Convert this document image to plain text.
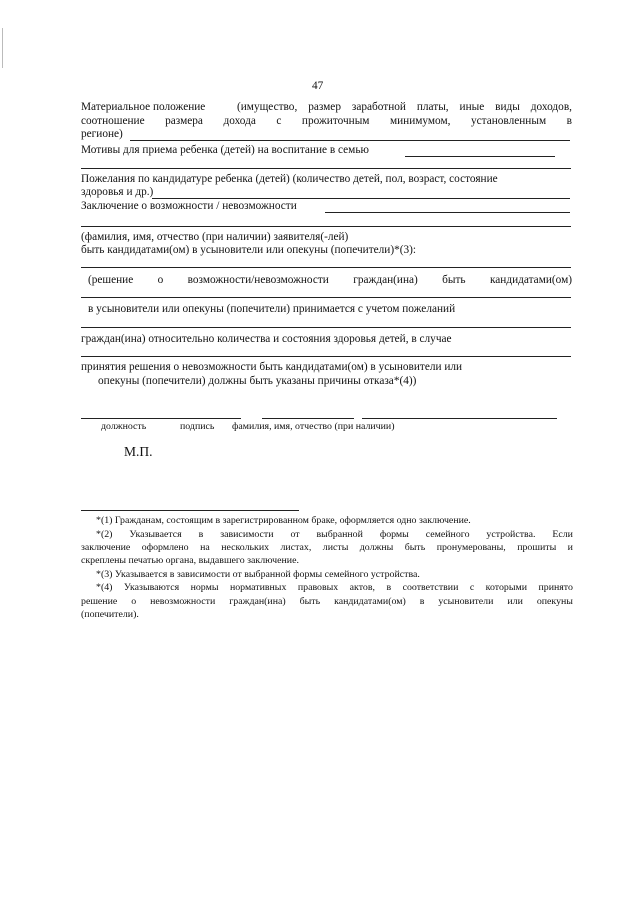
47
Материальное положение	(имущество, размер заработной платы, иные виды доходов,
соотношение размера дохода с прожиточным минимумом, установленным в
регионе)
Мотивы для приема ребенка (детей) на воспитание в семью
Пожелания по кандидатуре ребенка (детей) (количество детей, пол, возраст, состояние
здоровья и др.)
Заключение о возможности / невозможности
(фамилия, имя, отчество (при наличии) заявителя(-лей)
быть кандидатами(ом) в усыновители или опекуны (попечители)*(3):
(решение о возможности/невозможности граждан(ина) быть кандидатами(ом)
в усыновители или опекуны (попечители) принимается с учетом пожеланий
граждан(ина) относительно количества и состояния здоровья детей, в случае
принятия решения о невозможности быть кандидатами(ом) в усыновители или
опекуны (попечители) должны быть указаны причины отказа*(4))
должность	подпись фамилия, имя, отчество (при наличии)
М.П.
*(1) Гражданам, состоящим в зарегистрированном браке, оформляется одно заключение.
*(2) Указывается в зависимости от выбранной формы семейного устройства. Если
заключение оформлено на нескольких листах, листы должны быть пронумерованы, прошиты и
скреплены печатью органа, выдавшего заключение.
*(3) Указывается в зависимости от выбранной формы семейного устройства.
*(4) Указываются нормы нормативных правовых актов, в соответствии с которыми принято
решение о невозможности граждан(ина) быть кандидатами(ом) в усыновители или опекуны
(попечители).
